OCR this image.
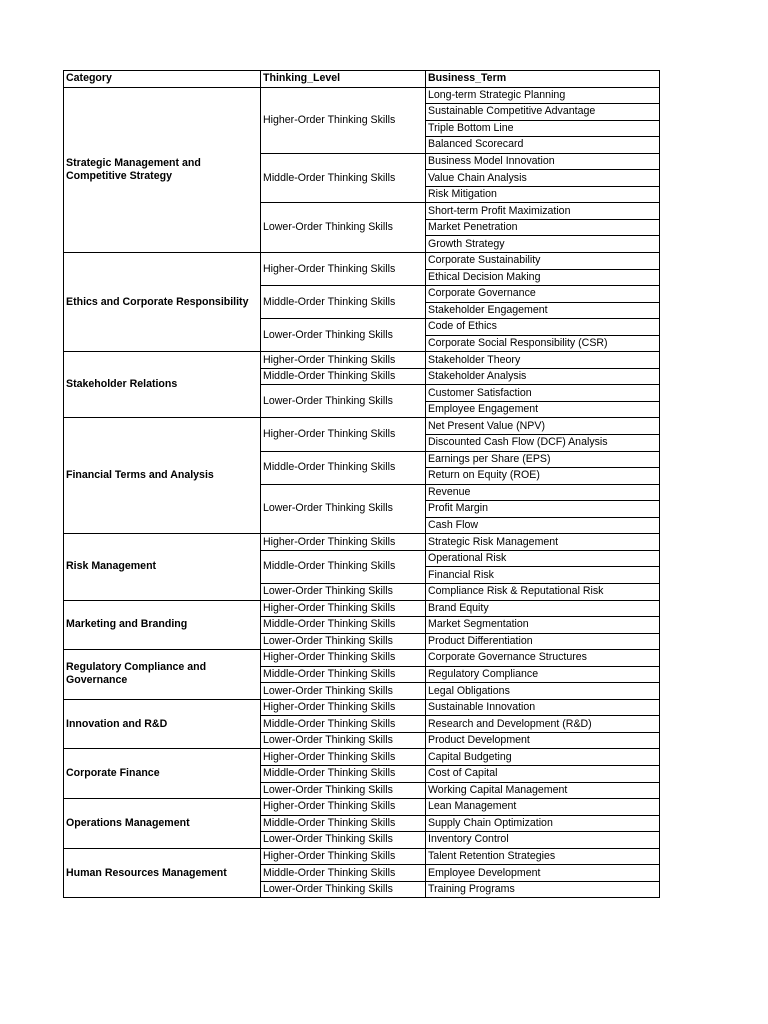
Category	Thinking_Level	Business_Term
Strategic Management and Competitive Strategy	Higher-Order Thinking Skills	Long-term Strategic Planning
		Sustainable Competitive Advantage
		Triple Bottom Line
		Balanced Scorecard
	Middle-Order Thinking Skills	Business Model Innovation
		Value Chain Analysis
		Risk Mitigation
	Lower-Order Thinking Skills	Short-term Profit Maximization
		Market Penetration
		Growth Strategy
Ethics and Corporate Responsibility	Higher-Order Thinking Skills	Corporate Sustainability
		Ethical Decision Making
	Middle-Order Thinking Skills	Corporate Governance
		Stakeholder Engagement
	Lower-Order Thinking Skills	Code of Ethics
		Corporate Social Responsibility (CSR)
Stakeholder Relations	Higher-Order Thinking Skills	Stakeholder Theory
	Middle-Order Thinking Skills	Stakeholder Analysis
	Lower-Order Thinking Skills	Customer Satisfaction
		Employee Engagement
Financial Terms and Analysis	Higher-Order Thinking Skills	Net Present Value (NPV)
		Discounted Cash Flow (DCF) Analysis
	Middle-Order Thinking Skills	Earnings per Share (EPS)
		Return on Equity (ROE)
	Lower-Order Thinking Skills	Revenue
		Profit Margin
		Cash Flow
Risk Management	Higher-Order Thinking Skills	Strategic Risk Management
	Middle-Order Thinking Skills	Operational Risk
		Financial Risk
	Lower-Order Thinking Skills	Compliance Risk & Reputational Risk
Marketing and Branding	Higher-Order Thinking Skills	Brand Equity
	Middle-Order Thinking Skills	Market Segmentation
	Lower-Order Thinking Skills	Product Differentiation
Regulatory Compliance and Governance	Higher-Order Thinking Skills	Corporate Governance Structures
	Middle-Order Thinking Skills	Regulatory Compliance
	Lower-Order Thinking Skills	Legal Obligations
Innovation and R&D	Higher-Order Thinking Skills	Sustainable Innovation
	Middle-Order Thinking Skills	Research and Development (R&D)
	Lower-Order Thinking Skills	Product Development
Corporate Finance	Higher-Order Thinking Skills	Capital Budgeting
	Middle-Order Thinking Skills	Cost of Capital
	Lower-Order Thinking Skills	Working Capital Management
Operations Management	Higher-Order Thinking Skills	Lean Management
	Middle-Order Thinking Skills	Supply Chain Optimization
	Lower-Order Thinking Skills	Inventory Control
Human Resources Management	Higher-Order Thinking Skills	Talent Retention Strategies
	Middle-Order Thinking Skills	Employee Development
	Lower-Order Thinking Skills	Training Programs
